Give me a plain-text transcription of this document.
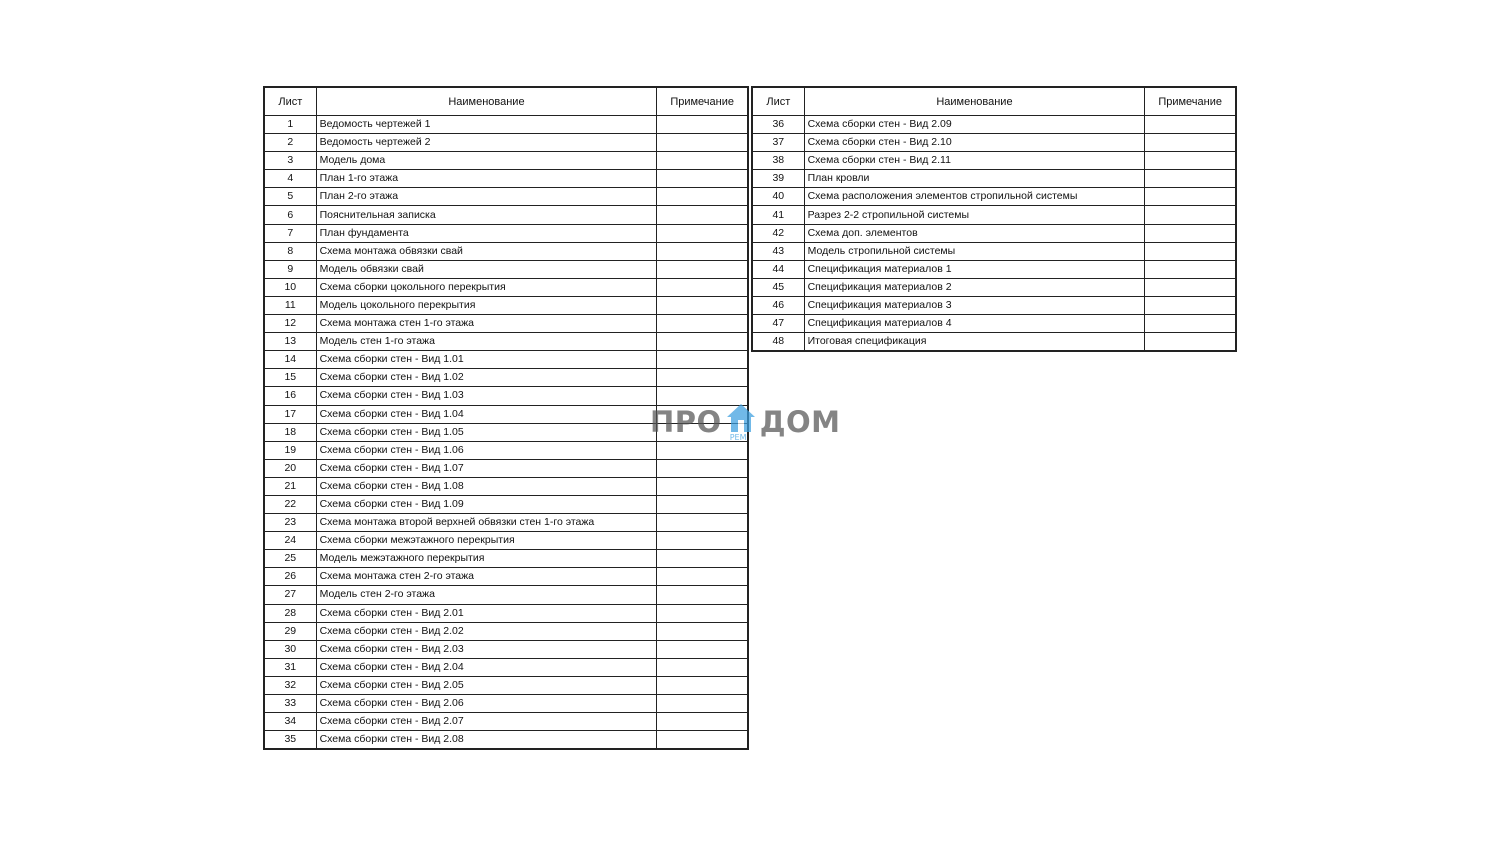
Лист	Наименование	Примечание
1	Ведомость чертежей 1	
2	Ведомость чертежей 2	
3	Модель дома	
4	План 1-го этажа	
5	План 2-го этажа	
6	Пояснительная записка	
7	План фундамента	
8	Схема монтажа обвязки свай	
9	Модель обвязки свай	
10	Схема сборки цокольного перекрытия	
11	Модель цокольного перекрытия	
12	Схема монтажа стен 1-го этажа	
13	Модель стен 1-го этажа	
14	Схема сборки стен - Вид 1.01	
15	Схема сборки стен - Вид 1.02	
16	Схема сборки стен - Вид 1.03	
17	Схема сборки стен - Вид 1.04	
18	Схема сборки стен - Вид 1.05	
19	Схема сборки стен - Вид 1.06	
20	Схема сборки стен - Вид 1.07	
21	Схема сборки стен - Вид 1.08	
22	Схема сборки стен - Вид 1.09	
23	Схема монтажа второй верхней обвязки стен 1-го этажа	
24	Схема сборки межэтажного перекрытия	
25	Модель межэтажного перекрытия	
26	Схема монтажа стен 2-го этажа	
27	Модель стен 2-го этажа	
28	Схема сборки стен - Вид 2.01	
29	Схема сборки стен - Вид 2.02	
30	Схема сборки стен - Вид 2.03	
31	Схема сборки стен - Вид 2.04	
32	Схема сборки стен - Вид 2.05	
33	Схема сборки стен - Вид 2.06	
34	Схема сборки стен - Вид 2.07	
35	Схема сборки стен - Вид 2.08	
Лист	Наименование	Примечание
36	Схема сборки стен - Вид 2.09	
37	Схема сборки стен - Вид 2.10	
38	Схема сборки стен - Вид 2.11	
39	План кровли	
40	Схема расположения элементов стропильной системы	
41	Разрез 2-2 стропильной системы	
42	Схема доп. элементов	
43	Модель стропильной системы	
44	Спецификация материалов 1	
45	Спецификация материалов 2	
46	Спецификация материалов 3	
47	Спецификация материалов 4	
48	Итоговая спецификация	
ПРО РЕМ ДОМ
